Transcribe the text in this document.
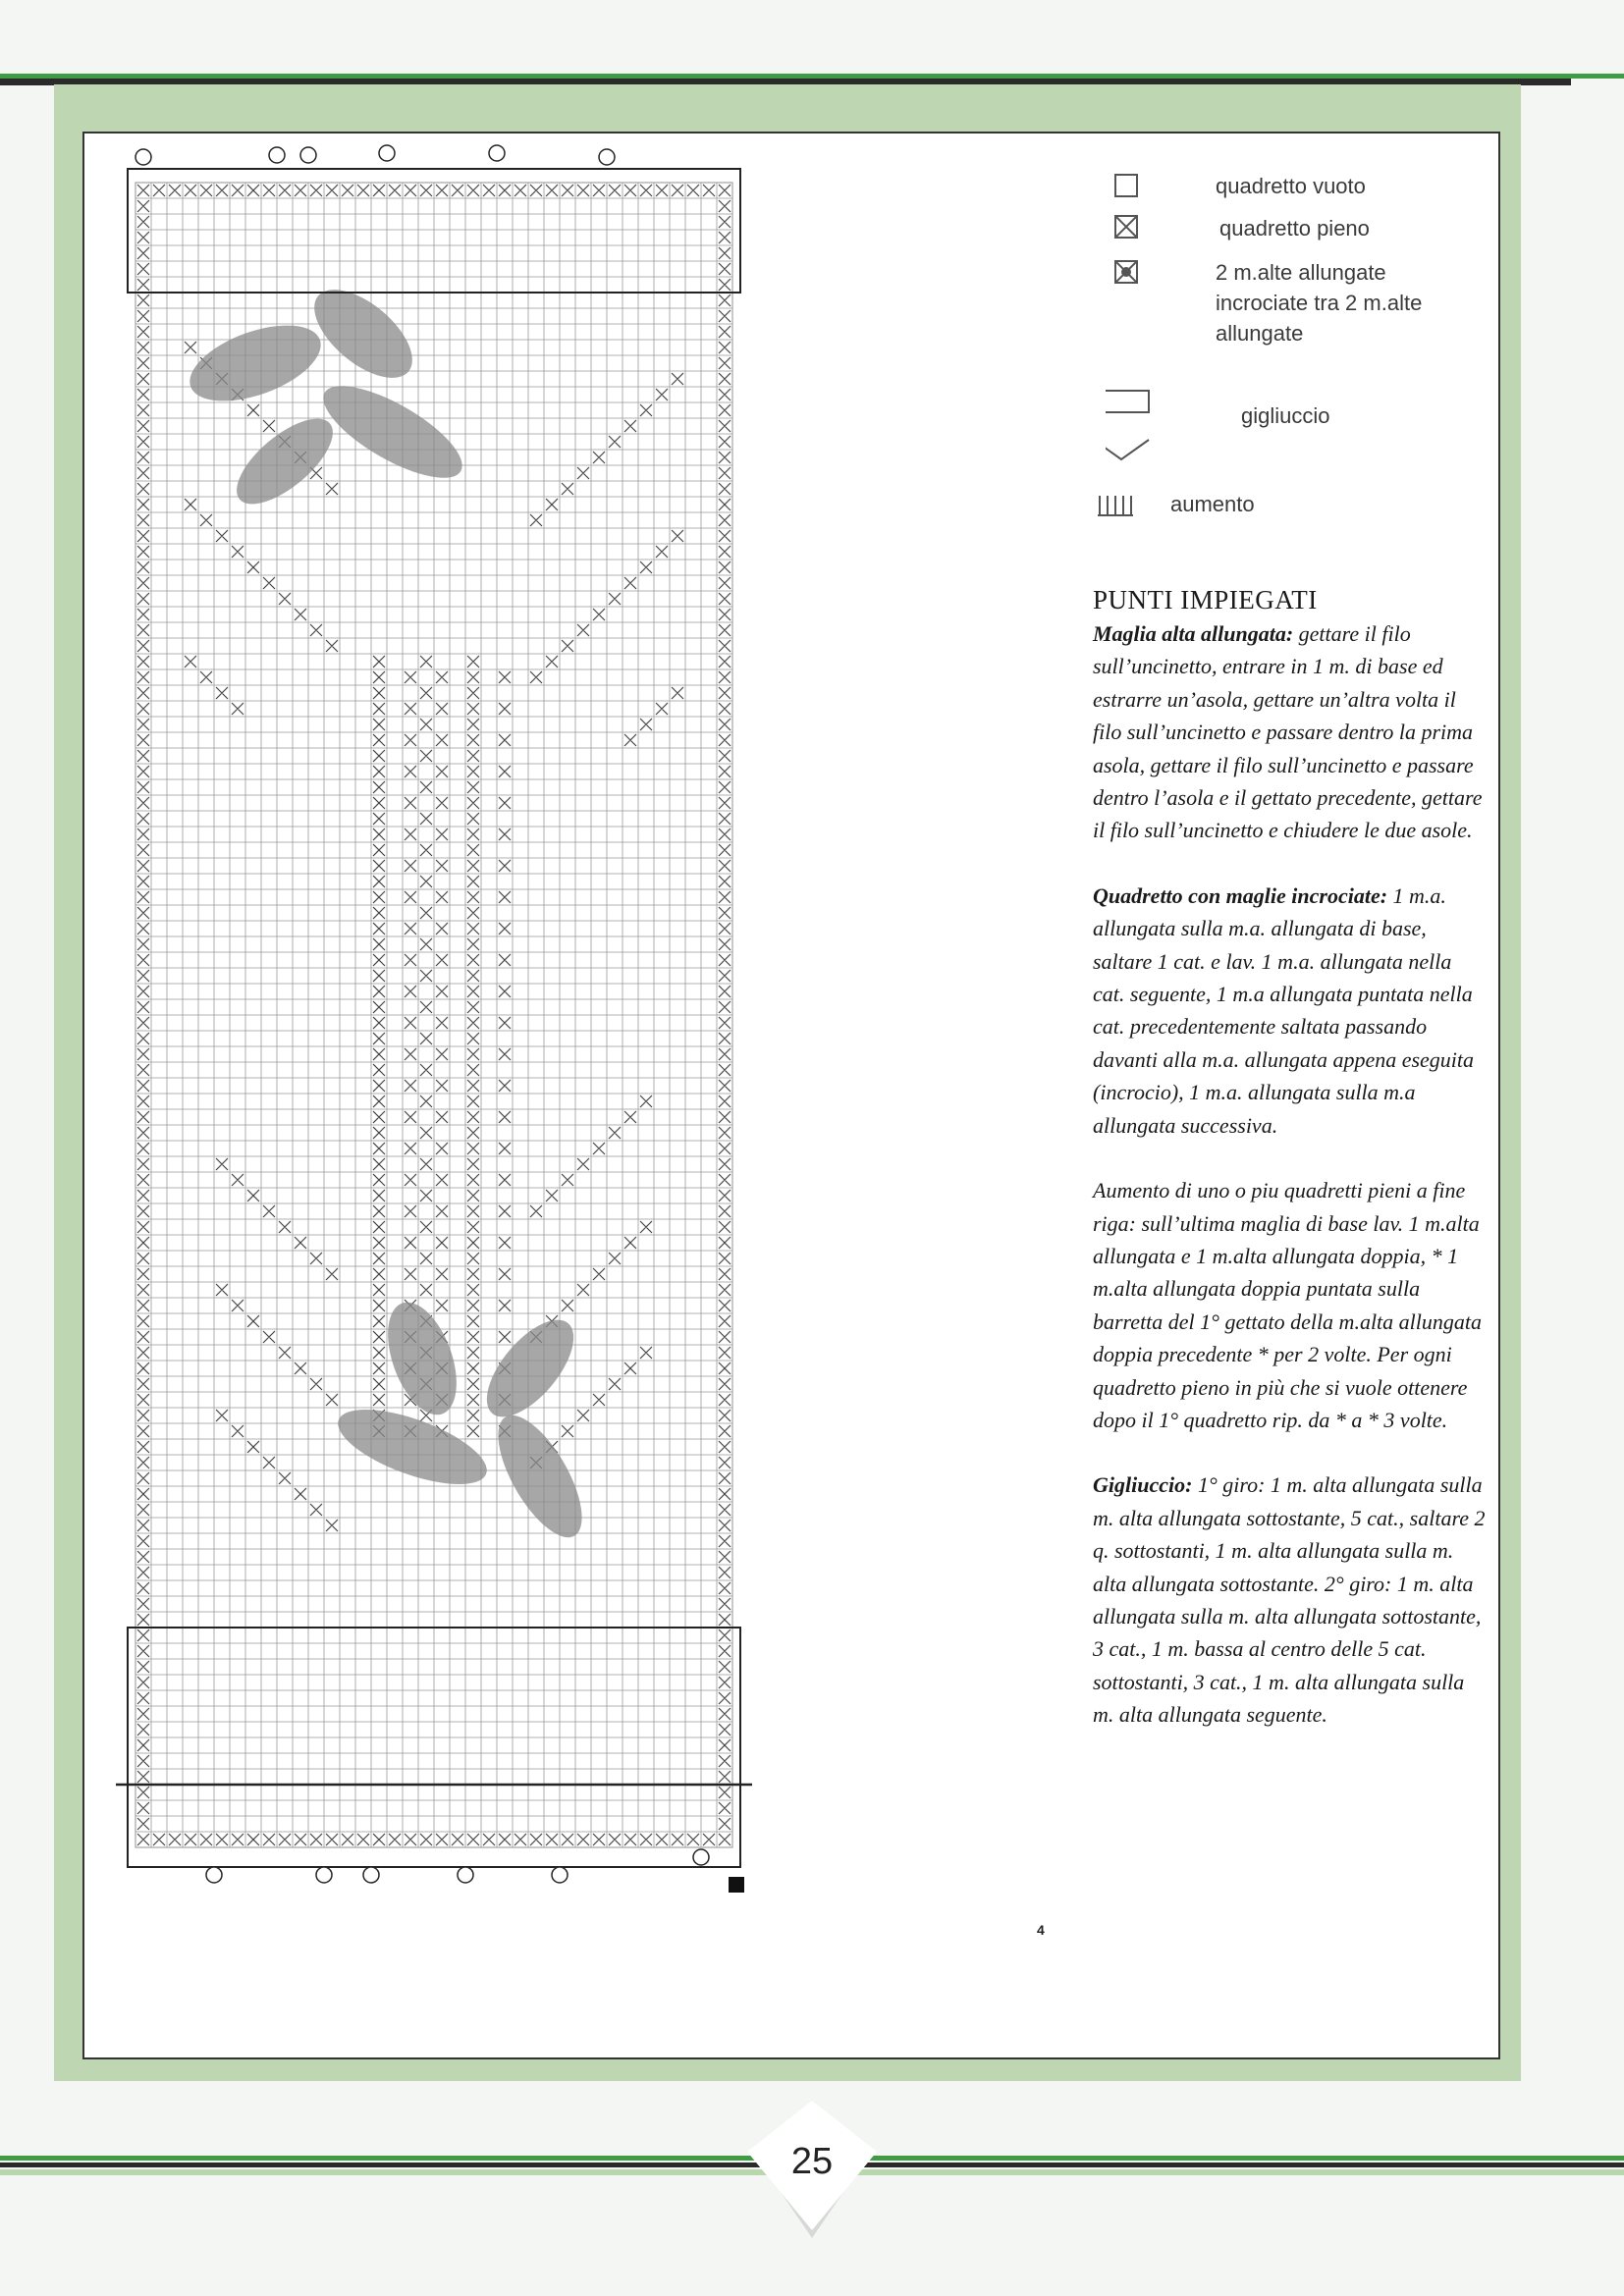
quadretto vuoto
quadretto pieno
2 m.alte allungate incrociate tra 2 m.alte allungate
gigliuccio
aumento
4
PUNTI IMPIEGATI

Maglia alta allungata: gettare il filo sull’uncinetto, entrare in 1 m. di base ed estrarre un’asola, gettare un’altra volta il filo sull’uncinetto e passare dentro la prima asola, gettare il filo sull’uncinetto e passare dentro l’asola e il gettato precedente, gettare il filo sull’uncinetto e chiudere le due asole.

Quadretto con maglie incrociate: 1 m.a. allungata sulla m.a. allungata di base, saltare 1 cat. e lav. 1 m.a. allungata nella cat. seguente, 1 m.a allungata puntata nella cat. precedentemente saltata passando davanti alla m.a. allungata appena eseguita (incrocio), 1 m.a. allungata sulla m.a allungata successiva.

Aumento di uno o piu quadretti pieni a fine riga: sull’ultima maglia di base lav. 1 m.alta allungata e 1 m.alta allungata doppia, * 1 m.alta allungata doppia puntata sulla barretta del 1° gettato della m.alta allungata doppia precedente * per 2 volte. Per ogni quadretto pieno in più che si vuole ottenere dopo il 1° quadretto rip. da * a * 3 volte.

Gigliuccio: 1° giro: 1 m. alta allungata sulla m. alta allungata sottostante, 5 cat., saltare 2 q. sottostanti, 1 m. alta allungata sulla m. alta allungata sottostante. 2° giro: 1 m. alta allungata sulla m. alta allungata sottostante, 3 cat., 1 m. bassa al centro delle 5 cat. sottostanti, 3 cat., 1 m. alta allungata sulla m. alta allungata seguente.

25
